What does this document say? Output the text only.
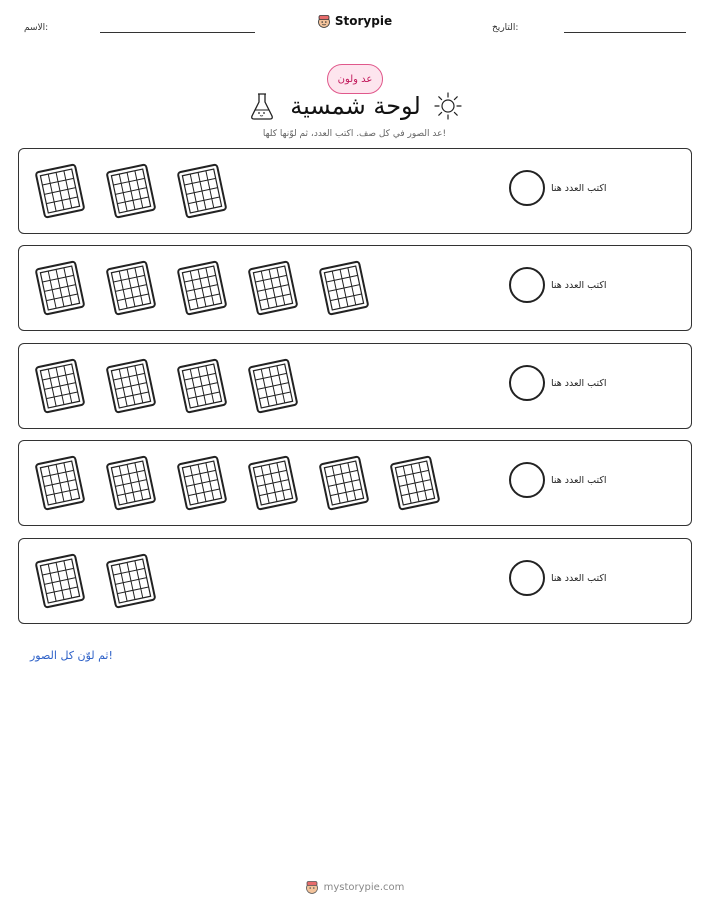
الاسم:	Storypie	التاريخ:
عد ولون
لوحة شمسية
عد الصور في كل صف. اكتب العدد، ثم لوّنها كلها!
اكتب العدد هنا
اكتب العدد هنا
اكتب العدد هنا
اكتب العدد هنا
اكتب العدد هنا
ثم لوّن كل الصور!
mystorypie.com
